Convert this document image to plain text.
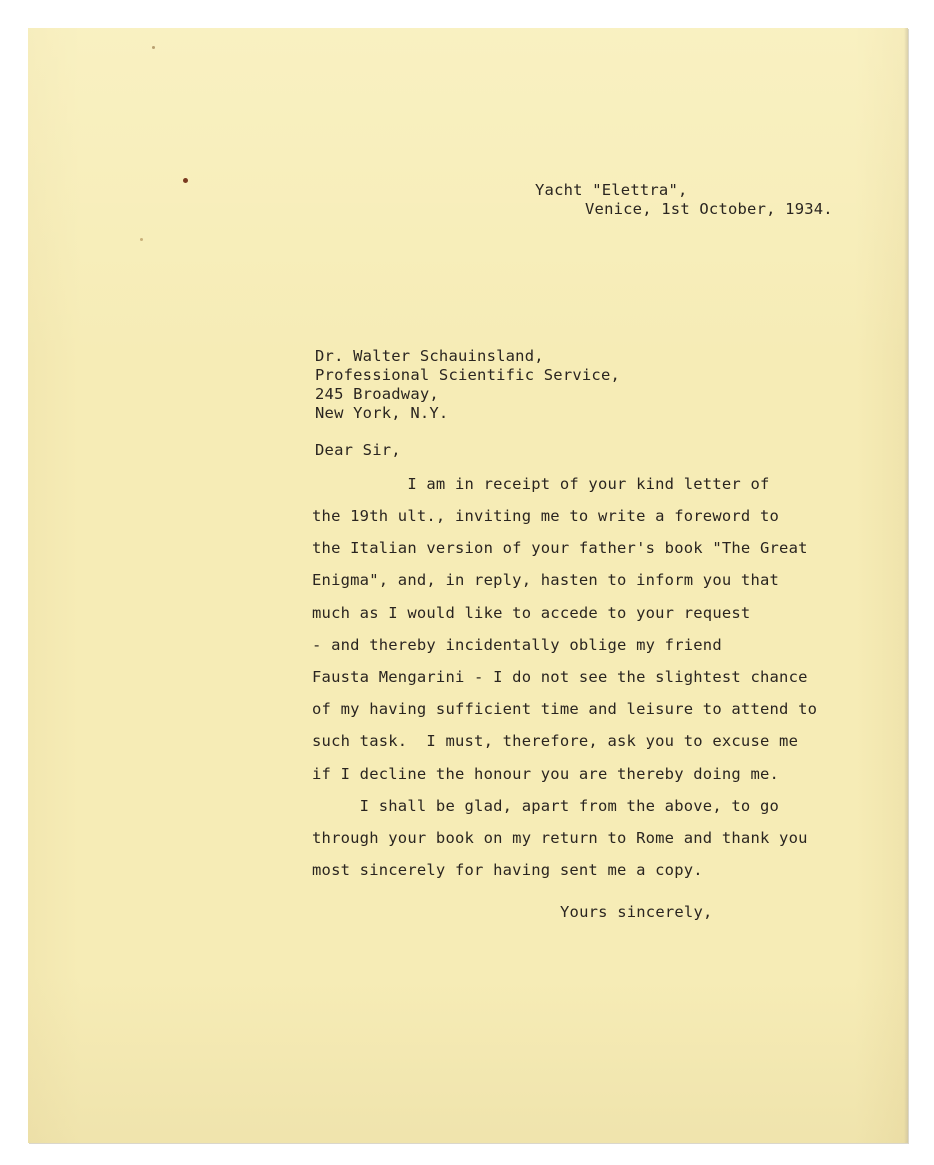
Yacht "Elettra",
Venice, 1st October, 1934.
Dr. Walter Schauinsland,
Professional Scientific Service,
245 Broadway,
New York, N.Y.
Dear Sir,
I am in receipt of your kind letter of
the 19th ult., inviting me to write a foreword to
the Italian version of your father's book "The Great
Enigma", and, in reply, hasten to inform you that
much as I would like to accede to your request
- and thereby incidentally oblige my friend
Fausta Mengarini - I do not see the slightest chance
of my having sufficient time and leisure to attend to
such task.  I must, therefore, ask you to excuse me
if I decline the honour you are thereby doing me.
I shall be glad, apart from the above, to go
through your book on my return to Rome and thank you
most sincerely for having sent me a copy.
Yours sincerely,
